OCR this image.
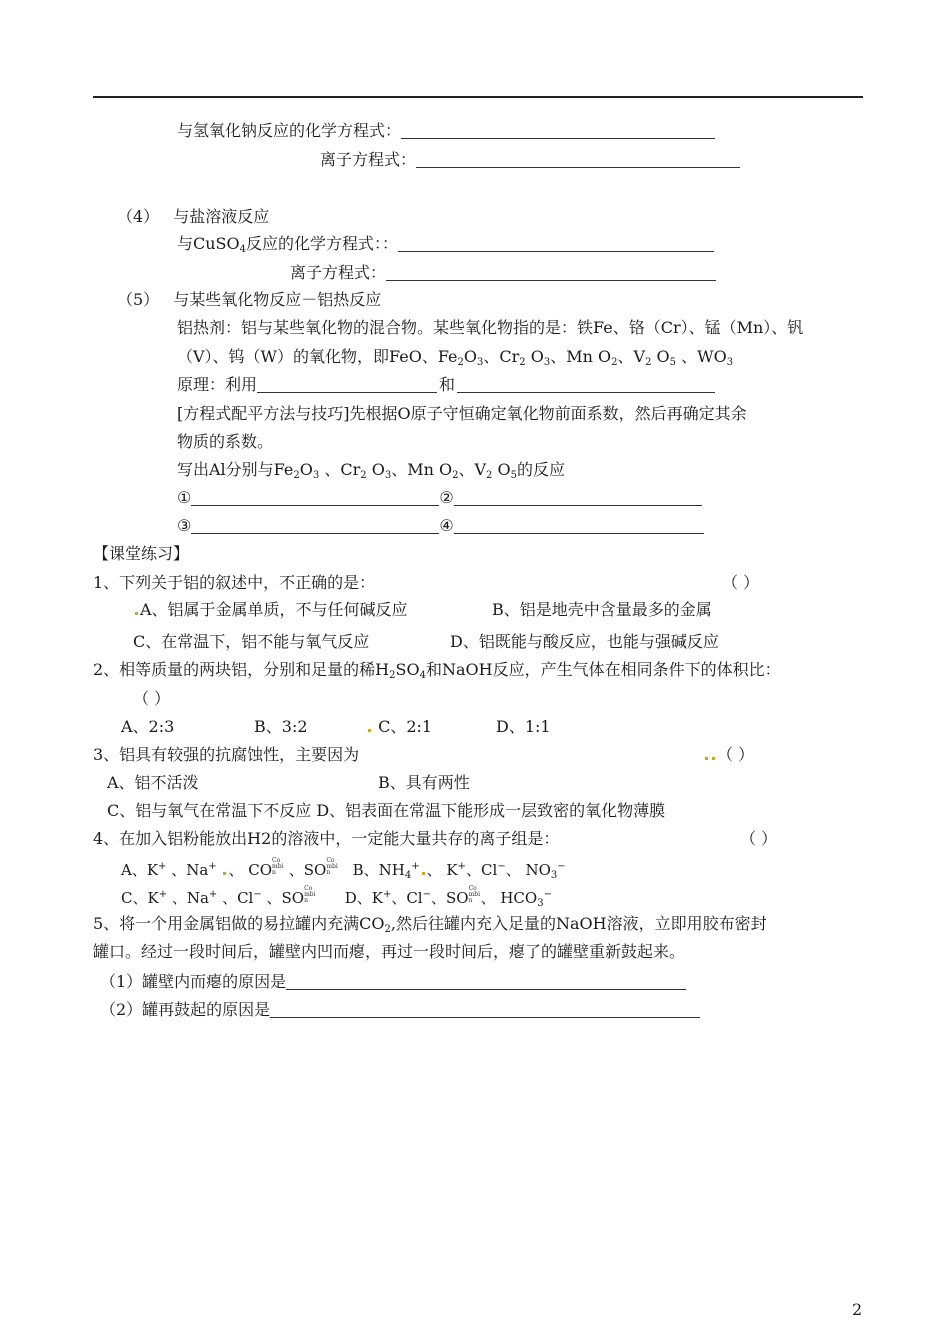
与氢氧化钠反应的化学方程式：
离子方程式：
（4） 与盐溶液反应
与CuSO$_4$反应的化学方程式：：
离子方程式：
（5） 与某些氧化物反应－铝热反应
铝热剂：铝与某些氧化物的混合物。某些氧化物指的是：铁Fe、铬（Cr）、锰（Mn）、钒
（V）、钨（W）的氧化物，即FeO、$Fe_2O_3$、$Cr_2$ $O_3$、Mn $O_2$、$V_2$ $O_5$ 、$WO_3$
原理：利用	和
[方程式配平方法与技巧]先根据O原子守恒确定氧化物前面系数，然后再确定其余
物质的系数。
写出Al分别与$Fe_2O_3$ 、$Cr_2$ $O_3$、Mn $O_2$、$V_2$ $O_5$的反应
①	②
③	④
【课堂练习】
1、下列关于铝的叙述中，不正确的是：	（ ）
A、铝属于金属单质，不与任何碱反应	B、铝是地壳中含量最多的金属
C、在常温下，铝不能与氧气反应	D、铝既能与酸反应，也能与强碱反应
2、相等质量的两块铝，分别和足量的稀$H_2SO_4$和NaOH反应，产生气体在相同条件下的体积比：
（ ）
A、2:3	B、3:2	C、2:1	D、1:1
3、铝具有较强的抗腐蚀性，主要因为	（ ）
A、铝不活泼	B、具有两性
C、铝与氧气在常温下不反应 D、铝表面在常温下能形成一层致密的氧化物薄膜
4、在加入铝粉能放出H2的溶液中，一定能大量共存的离子组是：	（ ）
A、K+ 、Na+ 、 COCombin 、SOCombin   B、$NH_4^+$ 、 K+、Cl−、 $NO_3^-$
C、K+ 、Na+ 、Cl− 、SOCombin      D、K+、Cl−、SOCombin 、 $HCO_3^-$
5、将一个用金属铝做的易拉罐内充满$CO_2$,然后往罐内充入足量的NaOH溶液，立即用胶布密封
罐口。经过一段时间后，罐壁内凹而瘪，再过一段时间后，瘪了的罐壁重新鼓起来。
（1）罐壁内而瘪的原因是
（2）罐再鼓起的原因是
2
